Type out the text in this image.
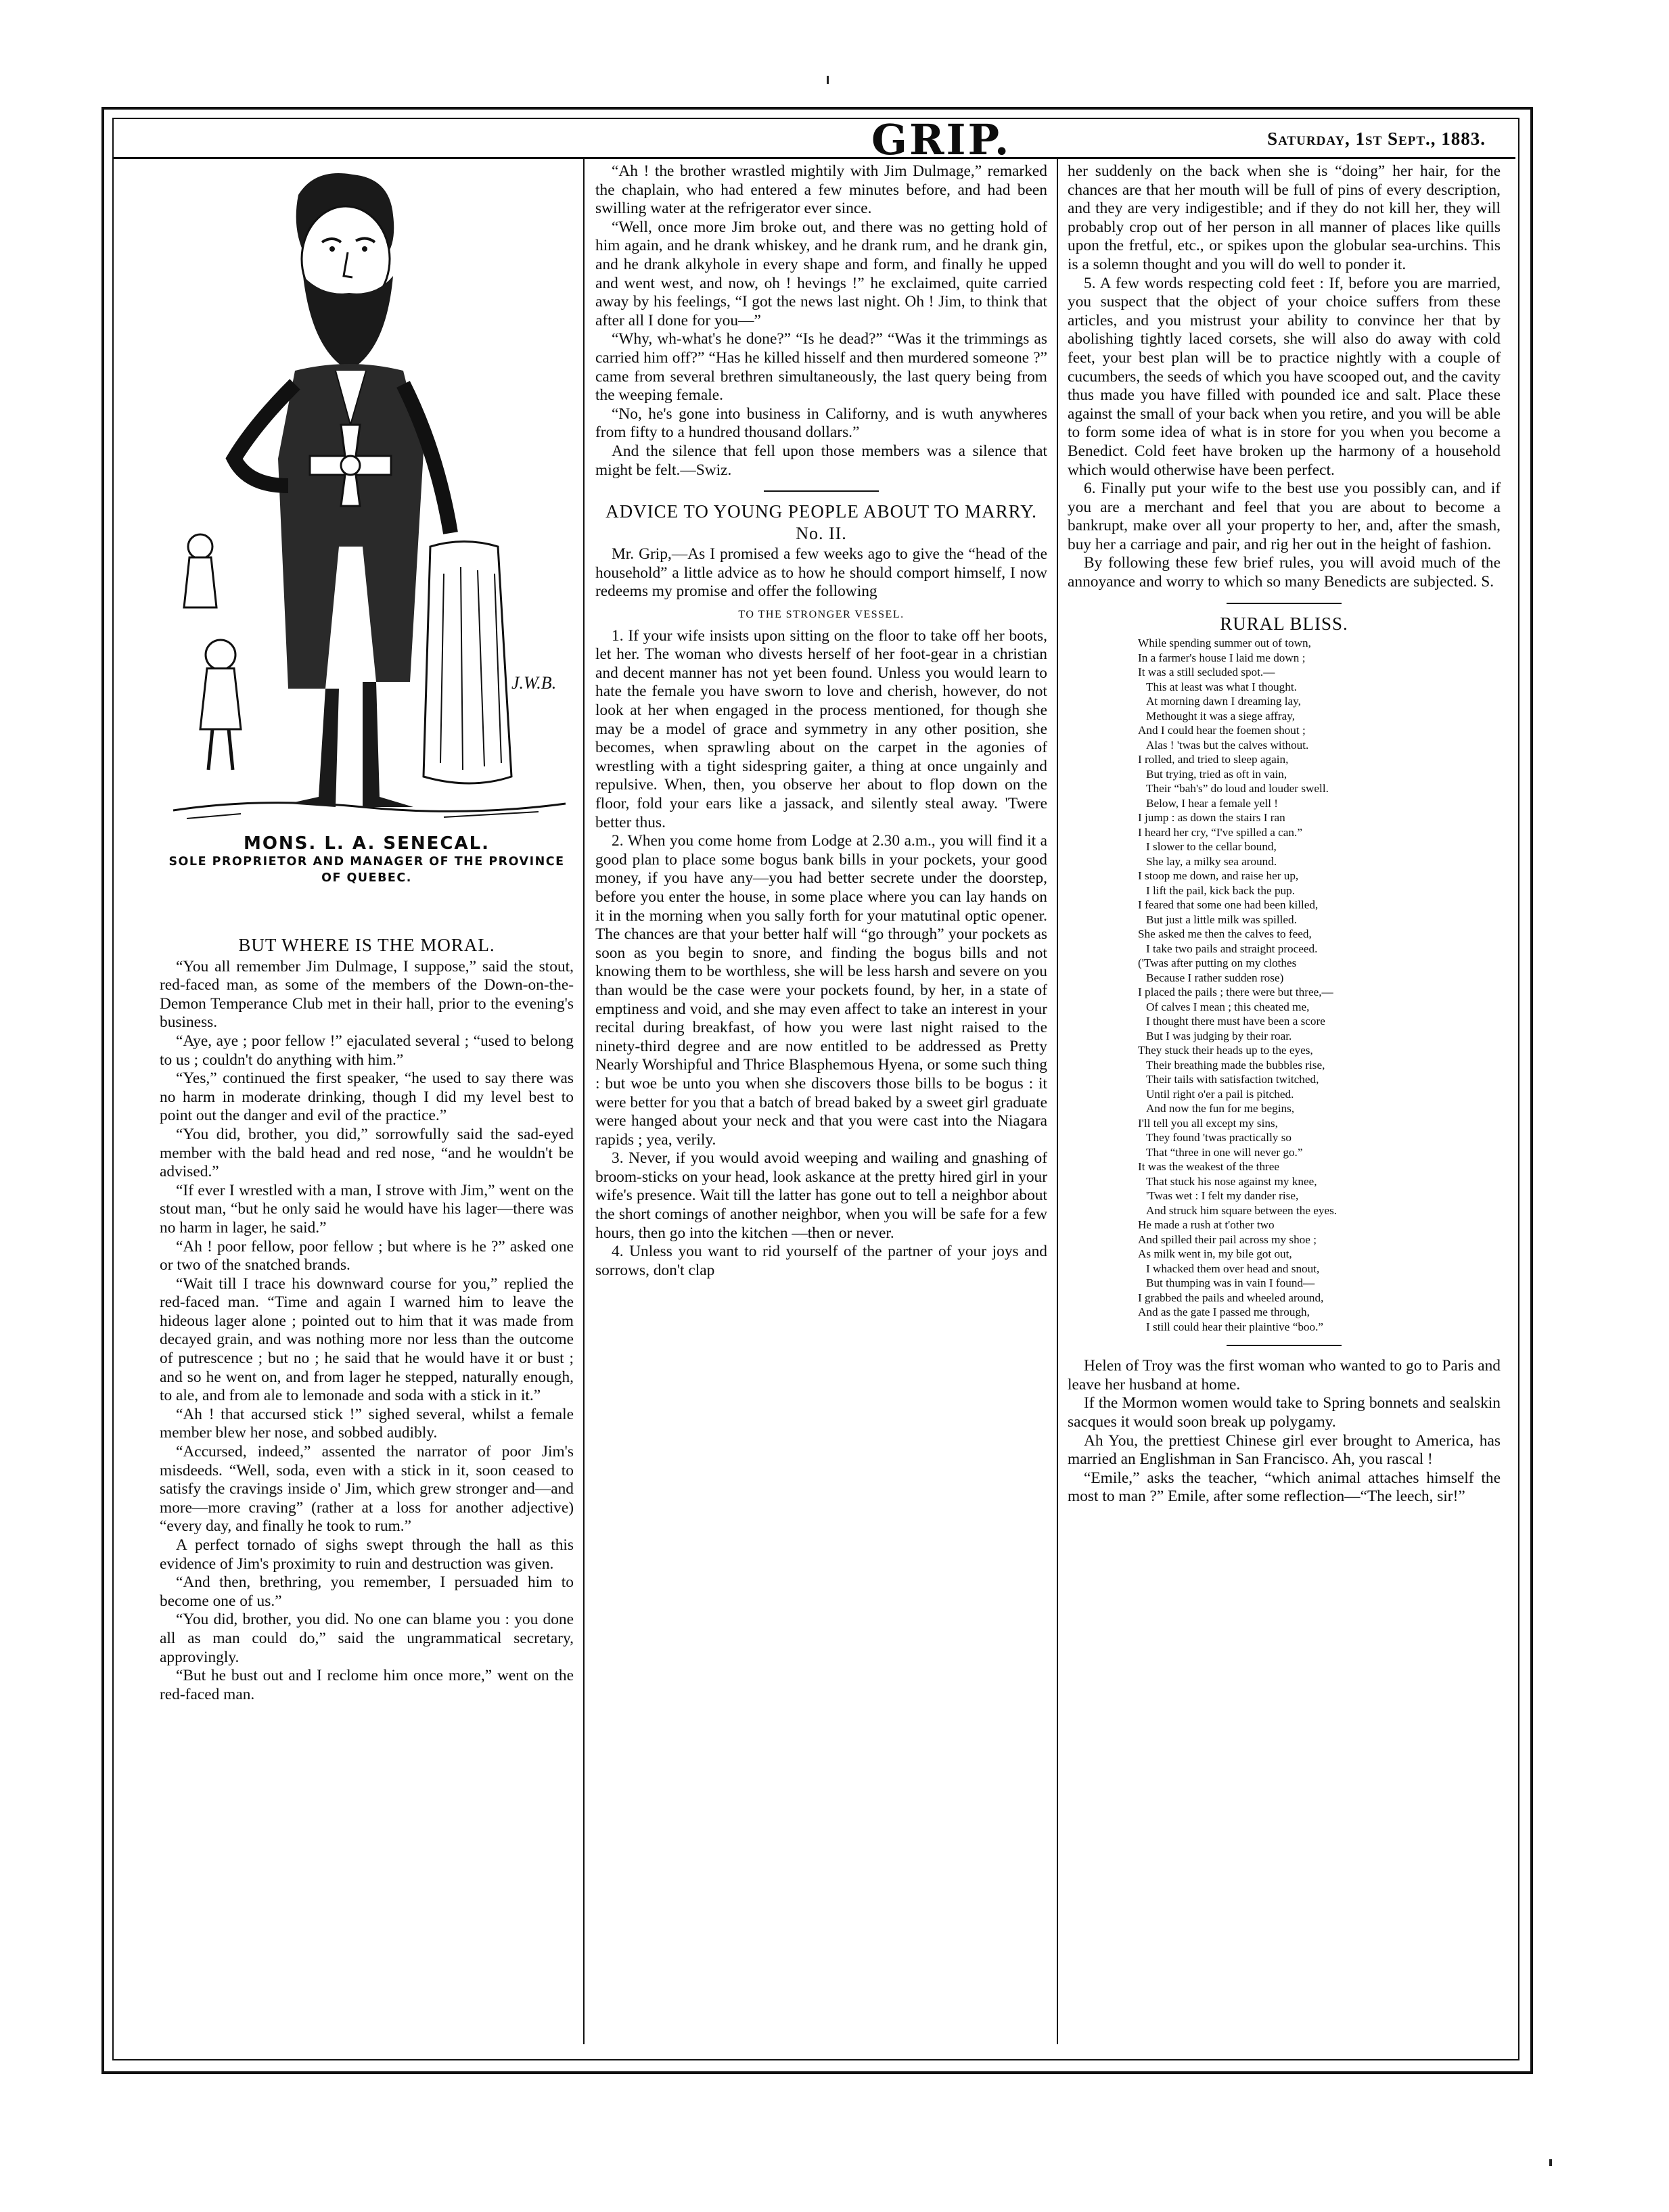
GRIP.	Saturday, 1st Sept., 1883.
J.W.B.
MONS. L. A. SENECAL.
SOLE PROPRIETOR AND MANAGER OF THE PROVINCE OF QUEBEC.
BUT WHERE IS THE MORAL.

“You all remember Jim Dulmage, I suppose,” said the stout, red-faced man, as some of the members of the Down-on-the-Demon Temperance Club met in their hall, prior to the evening's business.

“Aye, aye ; poor fellow !” ejaculated several ; “used to belong to us ; couldn't do anything with him.”

“Yes,” continued the first speaker, “he used to say there was no harm in moderate drinking, though I did my level best to point out the danger and evil of the practice.”

“You did, brother, you did,” sorrowfully said the sad-eyed member with the bald head and red nose, “and he wouldn't be advised.”

“If ever I wrestled with a man, I strove with Jim,” went on the stout man, “but he only said he would have his lager—there was no harm in lager, he said.”

“Ah ! poor fellow, poor fellow ; but where is he ?” asked one or two of the snatched brands.

“Wait till I trace his downward course for you,” replied the red-faced man. “Time and again I warned him to leave the hideous lager alone ; pointed out to him that it was made from decayed grain, and was nothing more nor less than the outcome of putrescence ; but no ; he said that he would have it or bust ; and so he went on, and from lager he stepped, naturally enough, to ale, and from ale to lemonade and soda with a stick in it.”

“Ah ! that accursed stick !” sighed several, whilst a female member blew her nose, and sobbed audibly.

“Accursed, indeed,” assented the narrator of poor Jim's misdeeds. “Well, soda, even with a stick in it, soon ceased to satisfy the cravings inside o' Jim, which grew stronger and—and more—more craving” (rather at a loss for another adjective) “every day, and finally he took to rum.”

A perfect tornado of sighs swept through the hall as this evidence of Jim's proximity to ruin and destruction was given.

“And then, brethring, you remember, I persuaded him to become one of us.”

“You did, brother, you did. No one can blame you : you done all as man could do,” said the ungrammatical secretary, approvingly.

“But he bust out and I reclome him once more,” went on the red-faced man.

“Ah ! the brother wrastled mightily with Jim Dulmage,” remarked the chaplain, who had entered a few minutes before, and had been swilling water at the refrigerator ever since.

“Well, once more Jim broke out, and there was no getting hold of him again, and he drank whiskey, and he drank rum, and he drank gin, and he drank alkyhole in every shape and form, and finally he upped and went west, and now, oh ! hevings !” he exclaimed, quite carried away by his feelings, “I got the news last night. Oh ! Jim, to think that after all I done for you—”

“Why, wh-what's he done?” “Is he dead?” “Was it the trimmings as carried him off?” “Has he killed hisself and then murdered someone ?” came from several brethren simultaneously, the last query being from the weeping female.

“No, he's gone into business in Californy, and is wuth anywheres from fifty to a hundred thousand dollars.”

And the silence that fell upon those members was a silence that might be felt.—Swiz.

ADVICE TO YOUNG PEOPLE ABOUT TO MARRY.
No. II.

Mr. Grip,—As I promised a few weeks ago to give the “head of the household” a little advice as to how he should comport himself, I now redeems my promise and offer the following

TO THE STRONGER VESSEL.

1. If your wife insists upon sitting on the floor to take off her boots, let her. The woman who divests herself of her foot-gear in a christian and decent manner has not yet been found. Unless you would learn to hate the female you have sworn to love and cherish, however, do not look at her when engaged in the process mentioned, for though she may be a model of grace and symmetry in any other position, she becomes, when sprawling about on the carpet in the agonies of wrestling with a tight sidespring gaiter, a thing at once ungainly and repulsive. When, then, you observe her about to flop down on the floor, fold your ears like a jassack, and silently steal away. 'Twere better thus.

2. When you come home from Lodge at 2.30 a.m., you will find it a good plan to place some bogus bank bills in your pockets, your good money, if you have any—you had better secrete under the doorstep, before you enter the house, in some place where you can lay hands on it in the morning when you sally forth for your matutinal optic opener. The chances are that your better half will “go through” your pockets as soon as you begin to snore, and finding the bogus bills and not knowing them to be worthless, she will be less harsh and severe on you than would be the case were your pockets found, by her, in a state of emptiness and void, and she may even affect to take an interest in your recital during breakfast, of how you were last night raised to the ninety-third degree and are now entitled to be addressed as Pretty Nearly Worshipful and Thrice Blasphemous Hyena, or some such thing : but woe be unto you when she discovers those bills to be bogus : it were better for you that a batch of bread baked by a sweet girl graduate were hanged about your neck and that you were cast into the Niagara rapids ; yea, verily.

3. Never, if you would avoid weeping and wailing and gnashing of broom-sticks on your head, look askance at the pretty hired girl in your wife's presence. Wait till the latter has gone out to tell a neighbor about the short comings of another neighbor, when you will be safe for a few hours, then go into the kitchen —then or never.

4. Unless you want to rid yourself of the partner of your joys and sorrows, don't clap

her suddenly on the back when she is “doing” her hair, for the chances are that her mouth will be full of pins of every description, and they are very indigestible; and if they do not kill her, they will probably crop out of her person in all manner of places like quills upon the fretful, etc., or spikes upon the globular sea-urchins. This is a solemn thought and you will do well to ponder it.

5. A few words respecting cold feet : If, before you are married, you suspect that the object of your choice suffers from these articles, and you mistrust your ability to convince her that by abolishing tightly laced corsets, she will also do away with cold feet, your best plan will be to practice nightly with a couple of cucumbers, the seeds of which you have scooped out, and the cavity thus made you have filled with pounded ice and salt. Place these against the small of your back when you retire, and you will be able to form some idea of what is in store for you when you become a Benedict. Cold feet have broken up the harmony of a household which would otherwise have been perfect.

6. Finally put your wife to the best use you possibly can, and if you are a merchant and feel that you are about to become a bankrupt, make over all your property to her, and, after the smash, buy her a carriage and pair, and rig her out in the height of fashion.

By following these few brief rules, you will avoid much of the annoyance and worry to which so many Benedicts are subjected. S.

RURAL BLISS.
While spending summer out of town,
In a farmer's house I laid me down ;
It was a still secluded spot.—
This at least was what I thought.
At morning dawn I dreaming lay,
Methought it was a siege affray,
And I could hear the foemen shout ;
Alas ! 'twas but the calves without.
I rolled, and tried to sleep again,
But trying, tried as oft in vain,
Their “bah's” do loud and louder swell.
Below, I hear a female yell !
I jump : as down the stairs I ran
I heard her cry, “I've spilled a can.”
I slower to the cellar bound,
She lay, a milky sea around.
I stoop me down, and raise her up,
I lift the pail, kick back the pup.
I feared that some one had been killed,
But just a little milk was spilled.
She asked me then the calves to feed,
I take two pails and straight proceed.
('Twas after putting on my clothes
Because I rather sudden rose)
I placed the pails ; there were but three,—
Of calves I mean ; this cheated me,
I thought there must have been a score
But I was judging by their roar.
They stuck their heads up to the eyes,
Their breathing made the bubbles rise,
Their tails with satisfaction twitched,
Until right o'er a pail is pitched.
And now the fun for me begins,
I'll tell you all except my sins,
They found 'twas practically so
That “three in one will never go.”
It was the weakest of the three
That stuck his nose against my knee,
'Twas wet : I felt my dander rise,
And struck him square between the eyes.
He made a rush at t'other two
And spilled their pail across my shoe ;
As milk went in, my bile got out,
I whacked them over head and snout,
But thumping was in vain I found—
I grabbed the pails and wheeled around,
And as the gate I passed me through,
I still could hear their plaintive “boo.”

Helen of Troy was the first woman who wanted to go to Paris and leave her husband at home.

If the Mormon women would take to Spring bonnets and sealskin sacques it would soon break up polygamy.

Ah You, the prettiest Chinese girl ever brought to America, has married an Englishman in San Francisco. Ah, you rascal !

“Emile,” asks the teacher, “which animal attaches himself the most to man ?” Emile, after some reflection—“The leech, sir!”
